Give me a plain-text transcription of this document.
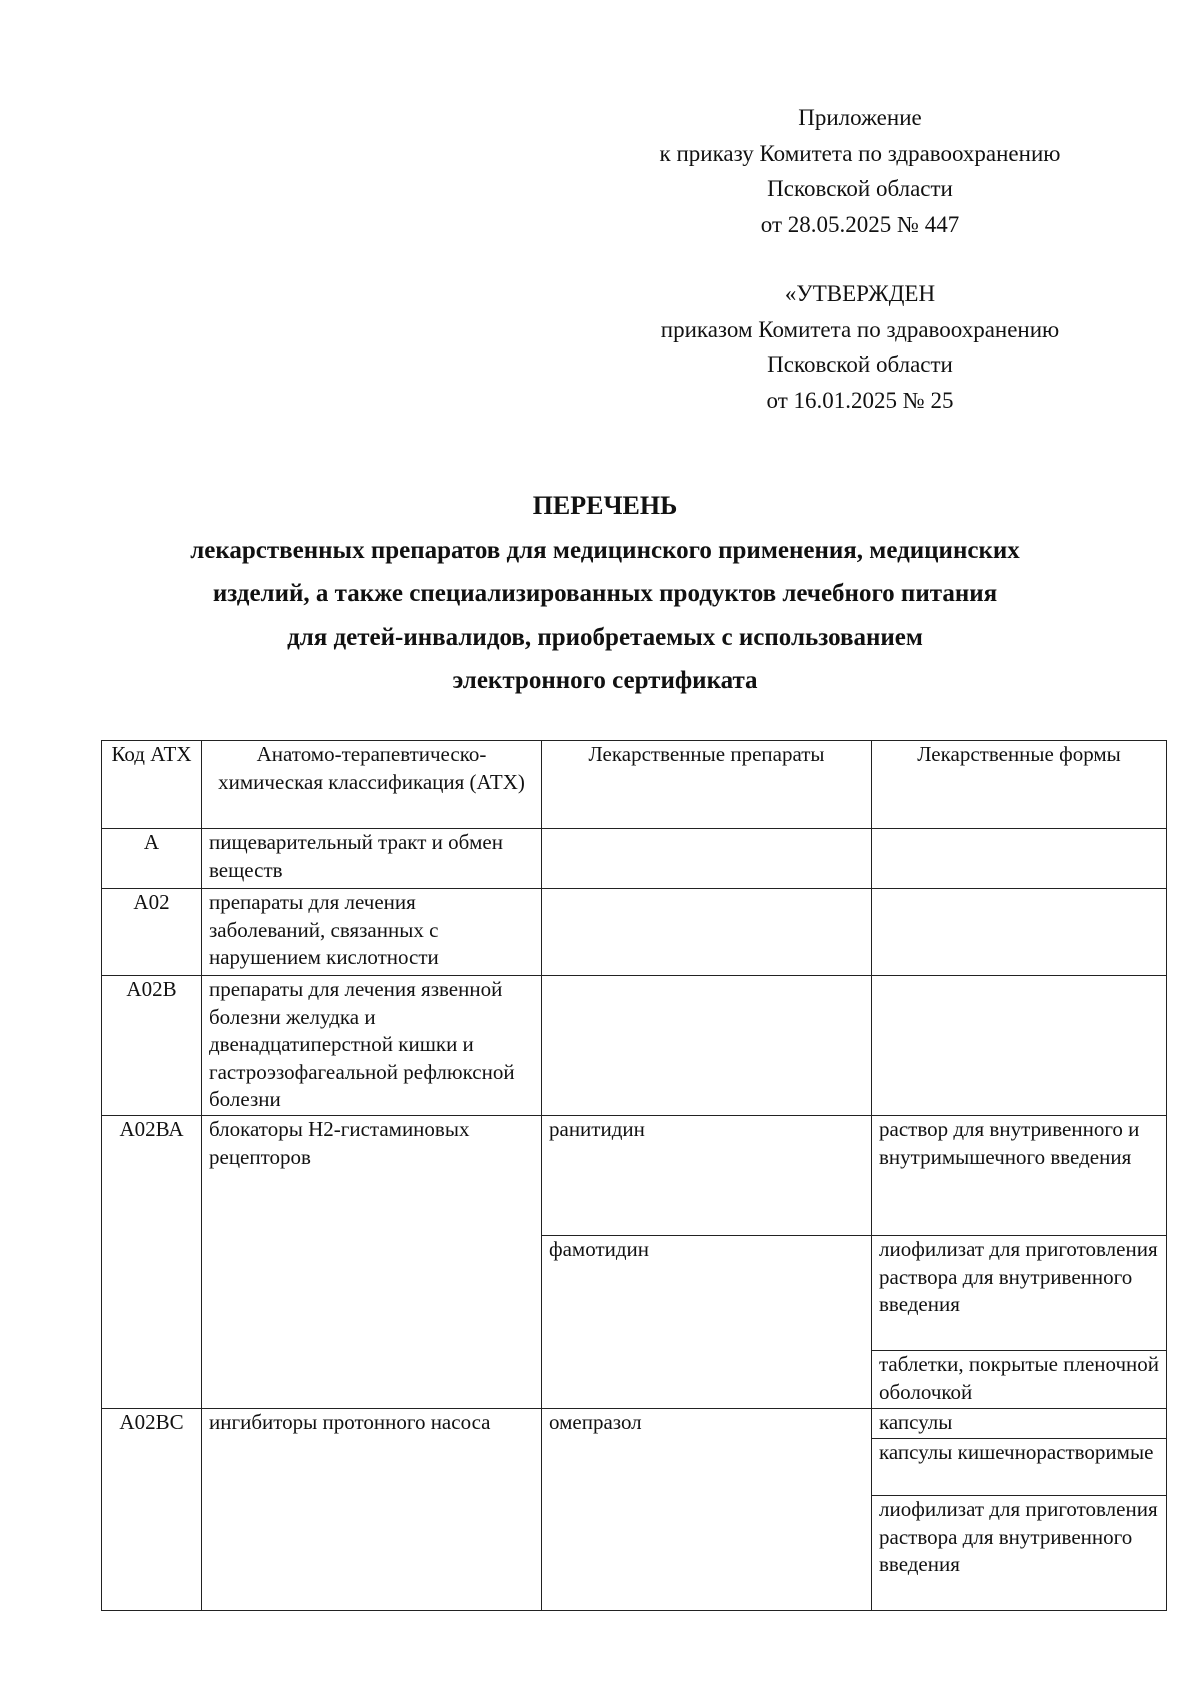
Приложение
к приказу Комитета по здравоохранению
Псковской области
от 28.05.2025 № 447
«УТВЕРЖДЕН
приказом Комитета по здравоохранению
Псковской области
от 16.01.2025 № 25
ПЕРЕЧЕНЬ
лекарственных препаратов для медицинского применения, медицинских
изделий, а также специализированных продуктов лечебного питания
для детей-инвалидов, приобретаемых с использованием
электронного сертификата
Код АТХ	Анатомо-терапевтическо-химическая классификация (АТХ)	Лекарственные препараты	Лекарственные формы
А	пищеварительный тракт и обмен веществ		
А02	препараты для лечения заболеваний, связанных с нарушением кислотности		
А02В	препараты для лечения язвенной болезни желудка и двенадцатиперстной кишки и гастроэзофагеальной рефлюксной болезни		
А02ВА	блокаторы Н2-гистаминовых рецепторов	ранитидин	раствор для внутривенного и внутримышечного введения
		фамотидин	лиофилизат для приготовления раствора для внутривенного введения
			таблетки, покрытые пленочной оболочкой
А02ВС	ингибиторы протонного насоса	омепразол	капсулы
			капсулы кишечнорастворимые
			лиофилизат для приготовления раствора для внутривенного введения
